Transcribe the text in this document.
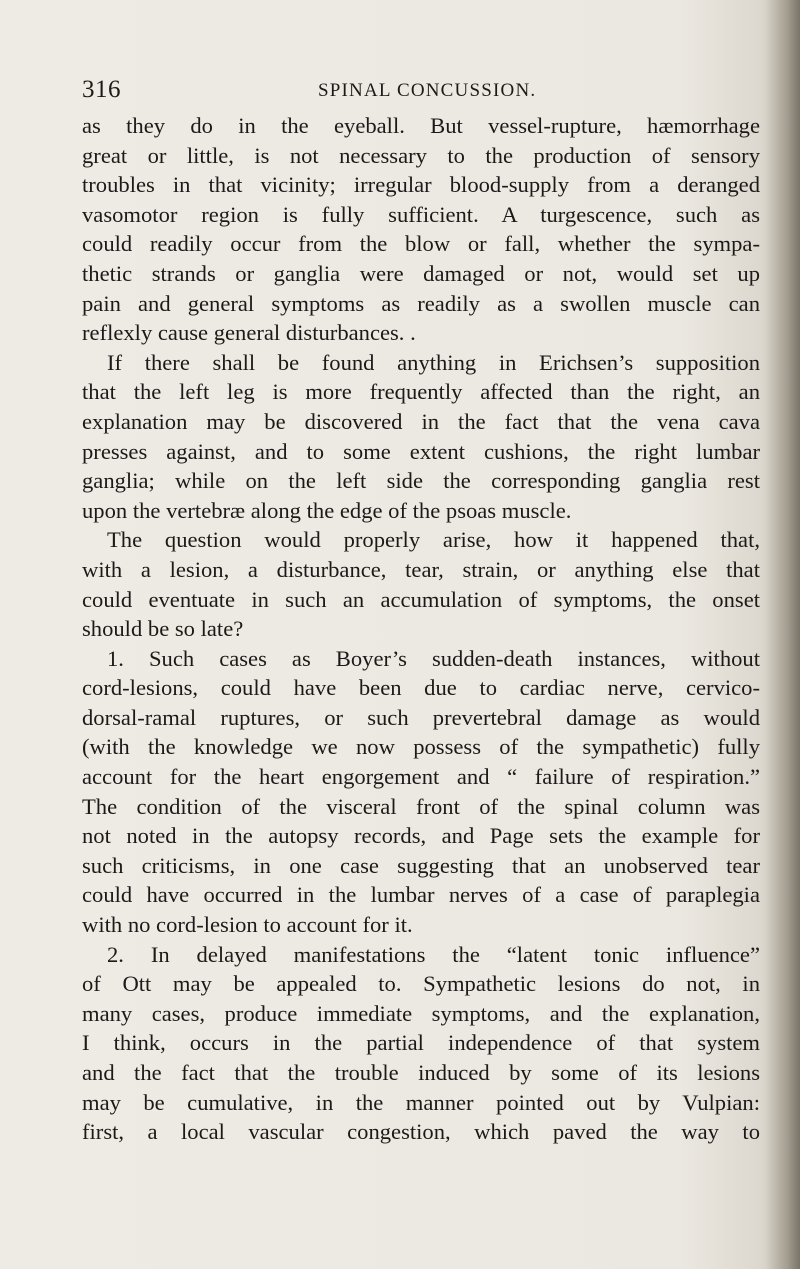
316	SPINAL CONCUSSION.
as they do in the eyeball. But vessel-rupture, hæmorrhage
great or little, is not necessary to the production of sensory
troubles in that vicinity; irregular blood-supply from a deranged
vasomotor region is fully sufficient. A turgescence, such as
could readily occur from the blow or fall, whether the sympa-
thetic strands or ganglia were damaged or not, would set up
pain and general symptoms as readily as a swollen muscle can
reflexly cause general disturbances. .
If there shall be found anything in Erichsen’s supposition
that the left leg is more frequently affected than the right, an
explanation may be discovered in the fact that the vena cava
presses against, and to some extent cushions, the right lumbar
ganglia; while on the left side the corresponding ganglia rest
upon the vertebræ along the edge of the psoas muscle.
The question would properly arise, how it happened that,
with a lesion, a disturbance, tear, strain, or anything else that
could eventuate in such an accumulation of symptoms, the onset
should be so late?
1. Such cases as Boyer’s sudden-death instances, without
cord-lesions, could have been due to cardiac nerve, cervico-
dorsal-ramal ruptures, or such prevertebral damage as would
(with the knowledge we now possess of the sympathetic) fully
account for the heart engorgement and “ failure of respiration.”
The condition of the visceral front of the spinal column was
not noted in the autopsy records, and Page sets the example for
such criticisms, in one case suggesting that an unobserved tear
could have occurred in the lumbar nerves of a case of paraplegia
with no cord-lesion to account for it.
2. In delayed manifestations the “latent tonic influence”
of Ott may be appealed to. Sympathetic lesions do not, in
many cases, produce immediate symptoms, and the explanation,
I think, occurs in the partial independence of that system
and the fact that the trouble induced by some of its lesions
may be cumulative, in the manner pointed out by Vulpian:
first, a local vascular congestion, which paved the way to
